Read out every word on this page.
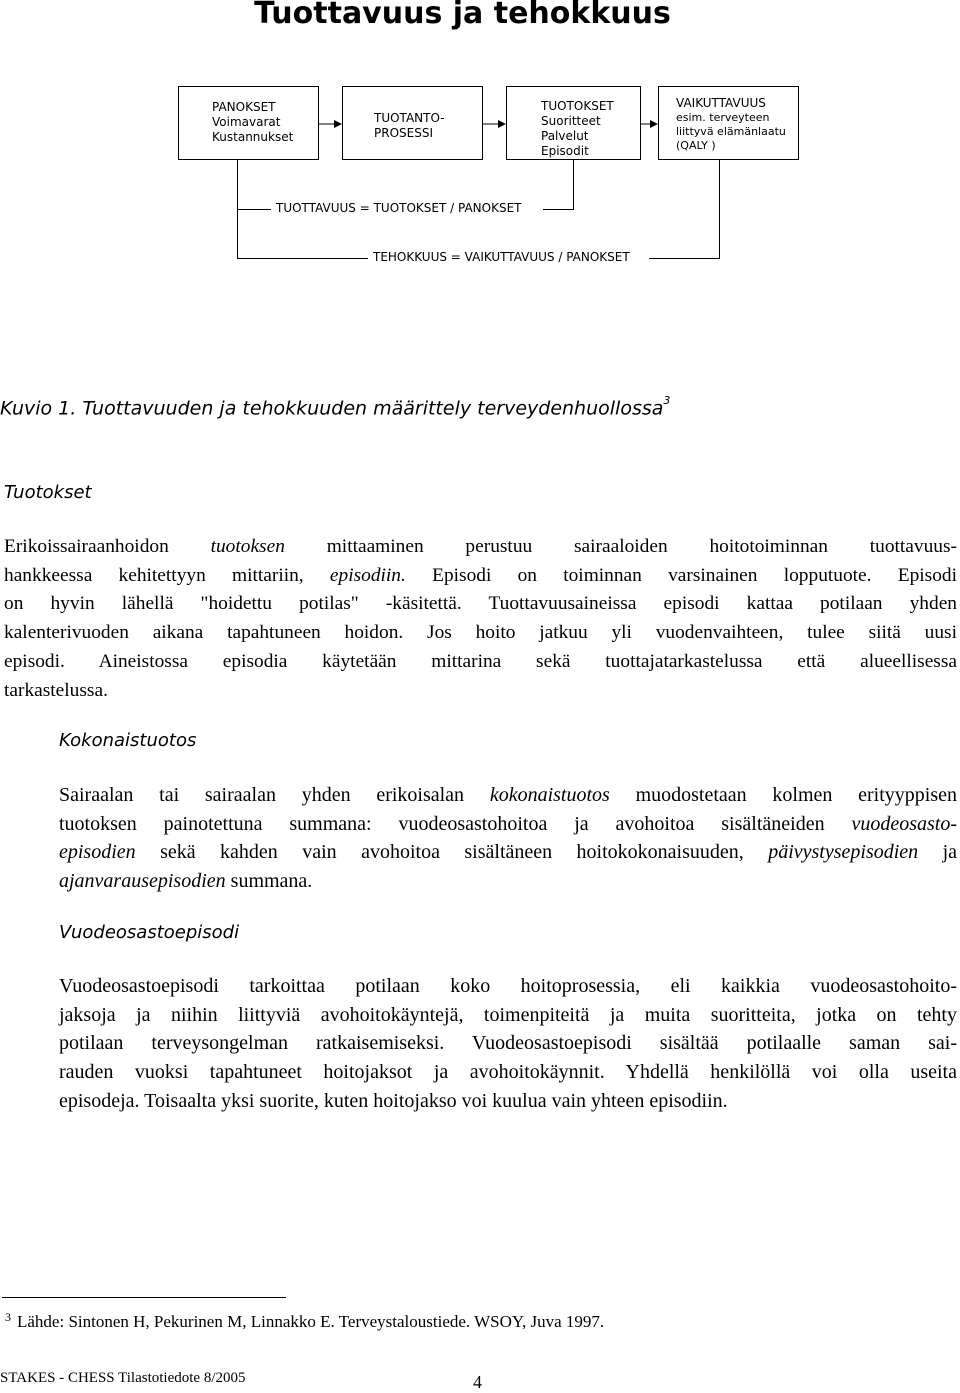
Tuottavuus ja tehokkuus
PANOKSET
Voimavarat
Kustannukset
TUOTANTO-
PROSESSI
TUOTOKSET
Suoritteet
Palvelut
Episodit
VAIKUTTAVUUS
esim. terveyteen
liittyvä elämänlaatu
(QALY )
TUOTTAVUUS = TUOTOKSET / PANOKSET
TEHOKKUUS = VAIKUTTAVUUS / PANOKSET
Kuvio 1. Tuottavuuden ja tehokkuuden määrittely terveydenhuollossa$^3$
Tuotokset
Erikoissairaanhoidon tuotoksen mittaaminen perustuu sairaaloiden hoitotoiminnan tuottavuus-
hankkeessa kehitettyyn mittariin, episodiin. Episodi on toiminnan varsinainen lopputuote. Episodi
on hyvin lähellä "hoidettu potilas" -käsitettä. Tuottavuusaineissa episodi kattaa potilaan yhden
kalenterivuoden aikana tapahtuneen hoidon. Jos hoito jatkuu yli vuodenvaihteen, tulee siitä uusi
episodi. Aineistossa episodia käytetään mittarina sekä tuottajatarkastelussa että alueellisessa
tarkastelussa.
Kokonaistuotos
Sairaalan tai sairaalan yhden erikoisalan kokonaistuotos muodostetaan kolmen erityyppisen
tuotoksen painotettuna summana: vuodeosastohoitoa ja avohoitoa sisältäneiden vuodeosasto-
episodien sekä kahden vain avohoitoa sisältäneen hoitokokonaisuuden, päivystysepisodien ja
ajanvarausepisodien summana.
Vuodeosastoepisodi
Vuodeosastoepisodi tarkoittaa potilaan koko hoitoprosessia, eli kaikkia vuodeosastohoito-
jaksoja ja niihin liittyviä avohoitokäyntejä, toimenpiteitä ja muita suoritteita, jotka on tehty
potilaan terveysongelman ratkaisemiseksi. Vuodeosastoepisodi sisältää potilaalle saman sai-
rauden vuoksi tapahtuneet hoitojaksot ja avohoitokäynnit. Yhdellä henkilöllä voi olla useita
episodeja. Toisaalta yksi suorite, kuten hoitojakso voi kuulua vain yhteen episodiin.
$^3$ Lähde: Sintonen H, Pekurinen M, Linnakko E. Terveystaloustiede. WSOY, Juva 1997.
STAKES - CHESS Tilastotiedote 8/2005	4
